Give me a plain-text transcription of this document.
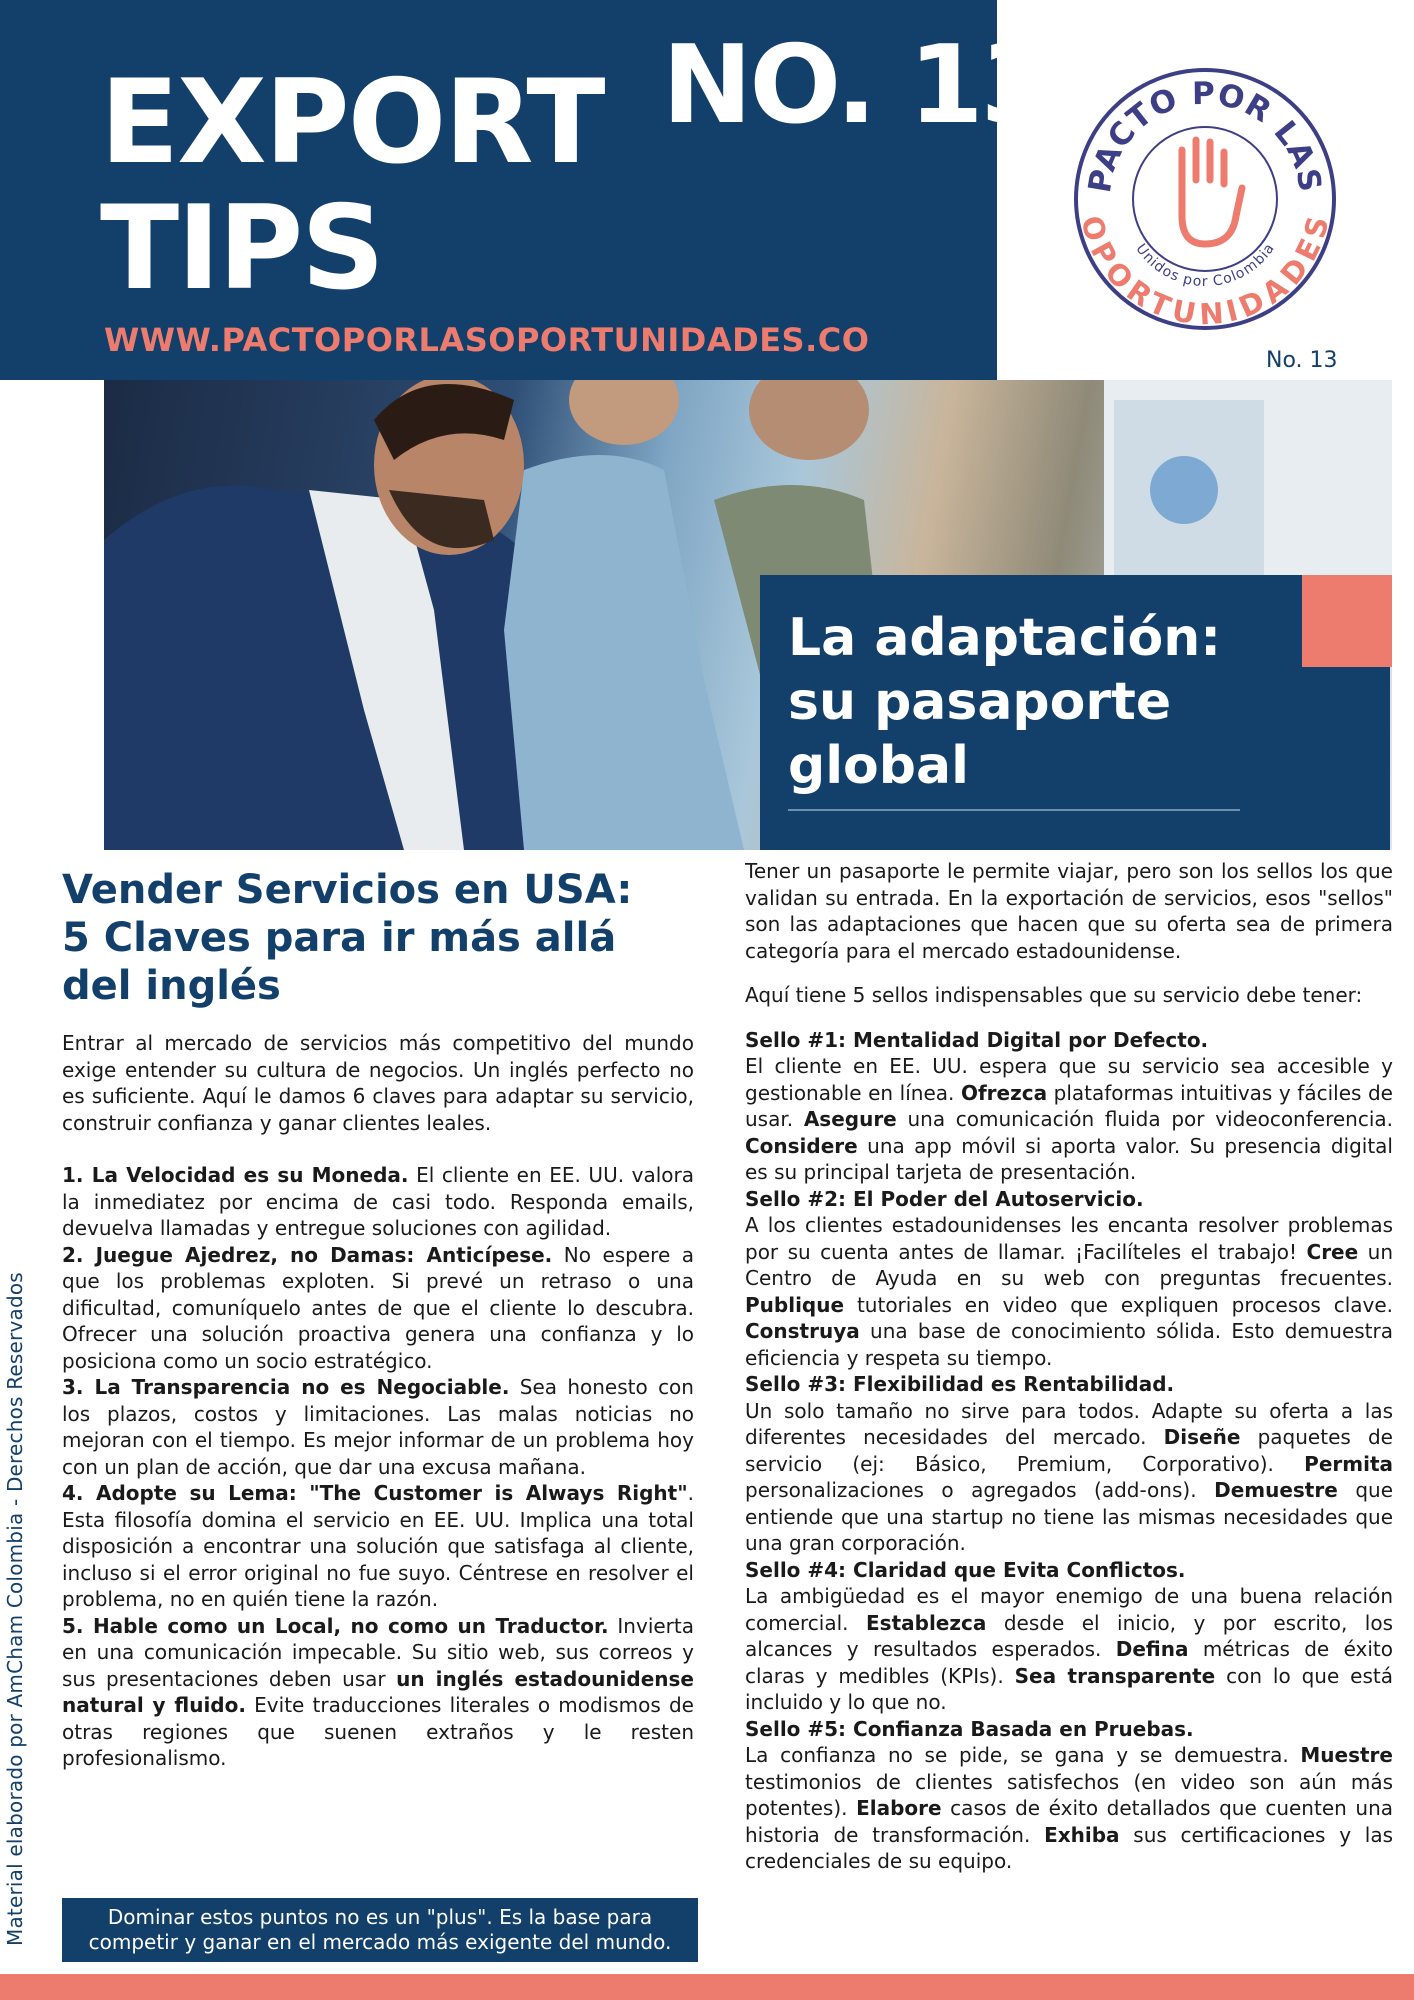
EXPORT
TIPS
NO. 13
WWW.PACTOPORLASOPORTUNIDADES.CO
PACTO POR LAS
OPORTUNIDADES
Unidos por Colombia
No. 13
La adaptación:
su pasaporte
global
Material elaborado por AmCham Colombia - Derechos Reservados
Vender Servicios en USA:
5 Claves para ir más allá
del inglés

Entrar al mercado de servicios más competitivo del mundo exige entender su cultura de negocios. Un inglés perfecto no es suficiente. Aquí le damos 6 claves para adaptar su servicio, construir confianza y ganar clientes leales.

1. La Velocidad es su Moneda. El cliente en EE. UU. valora la inmediatez por encima de casi todo. Responda emails, devuelva llamadas y entregue soluciones con agilidad.

2. Juegue Ajedrez, no Damas: Anticípese. No espere a que los problemas exploten. Si prevé un retraso o una dificultad, comuníquelo antes de que el cliente lo descubra. Ofrecer una solución proactiva genera una confianza y lo posiciona como un socio estratégico.

3. La Transparencia no es Negociable. Sea honesto con los plazos, costos y limitaciones. Las malas noticias no mejoran con el tiempo. Es mejor informar de un problema hoy con un plan de acción, que dar una excusa mañana.

4. Adopte su Lema: "The Customer is Always Right". Esta filosofía domina el servicio en EE. UU. Implica una total disposición a encontrar una solución que satisfaga al cliente, incluso si el error original no fue suyo. Céntrese en resolver el problema, no en quién tiene la razón.

5. Hable como un Local, no como un Traductor. Invierta en una comunicación impecable. Su sitio web, sus correos y sus presentaciones deben usar un inglés estadounidense natural y fluido. Evite traducciones literales o modismos de otras regiones que suenen extraños y le resten profesionalismo.

Dominar estos puntos no es un "plus". Es la base para
competir y ganar en el mercado más exigente del mundo.

Tener un pasaporte le permite viajar, pero son los sellos los que validan su entrada. En la exportación de servicios, esos "sellos" son las adaptaciones que hacen que su oferta sea de primera categoría para el mercado estadounidense.

Aquí tiene 5 sellos indispensables que su servicio debe tener:

Sello #1: Mentalidad Digital por Defecto.
El cliente en EE. UU. espera que su servicio sea accesible y gestionable en línea. Ofrezca plataformas intuitivas y fáciles de usar. Asegure una comunicación fluida por videoconferencia. Considere una app móvil si aporta valor. Su presencia digital es su principal tarjeta de presentación.

Sello #2: El Poder del Autoservicio.
A los clientes estadounidenses les encanta resolver problemas por su cuenta antes de llamar. ¡Facilíteles el trabajo! Cree un Centro de Ayuda en su web con preguntas frecuentes. Publique tutoriales en video que expliquen procesos clave. Construya una base de conocimiento sólida. Esto demuestra eficiencia y respeta su tiempo.

Sello #3: Flexibilidad es Rentabilidad.
Un solo tamaño no sirve para todos. Adapte su oferta a las diferentes necesidades del mercado. Diseñe paquetes de servicio (ej: Básico, Premium, Corporativo). Permita personalizaciones o agregados (add-ons). Demuestre que entiende que una startup no tiene las mismas necesidades que una gran corporación.

Sello #4: Claridad que Evita Conflictos.
La ambigüedad es el mayor enemigo de una buena relación comercial. Establezca desde el inicio, y por escrito, los alcances y resultados esperados. Defina métricas de éxito claras y medibles (KPIs). Sea transparente con lo que está incluido y lo que no.

Sello #5: Confianza Basada en Pruebas.
La confianza no se pide, se gana y se demuestra. Muestre testimonios de clientes satisfechos (en video son aún más potentes). Elabore casos de éxito detallados que cuenten una historia de transformación. Exhiba sus certificaciones y las credenciales de su equipo.
